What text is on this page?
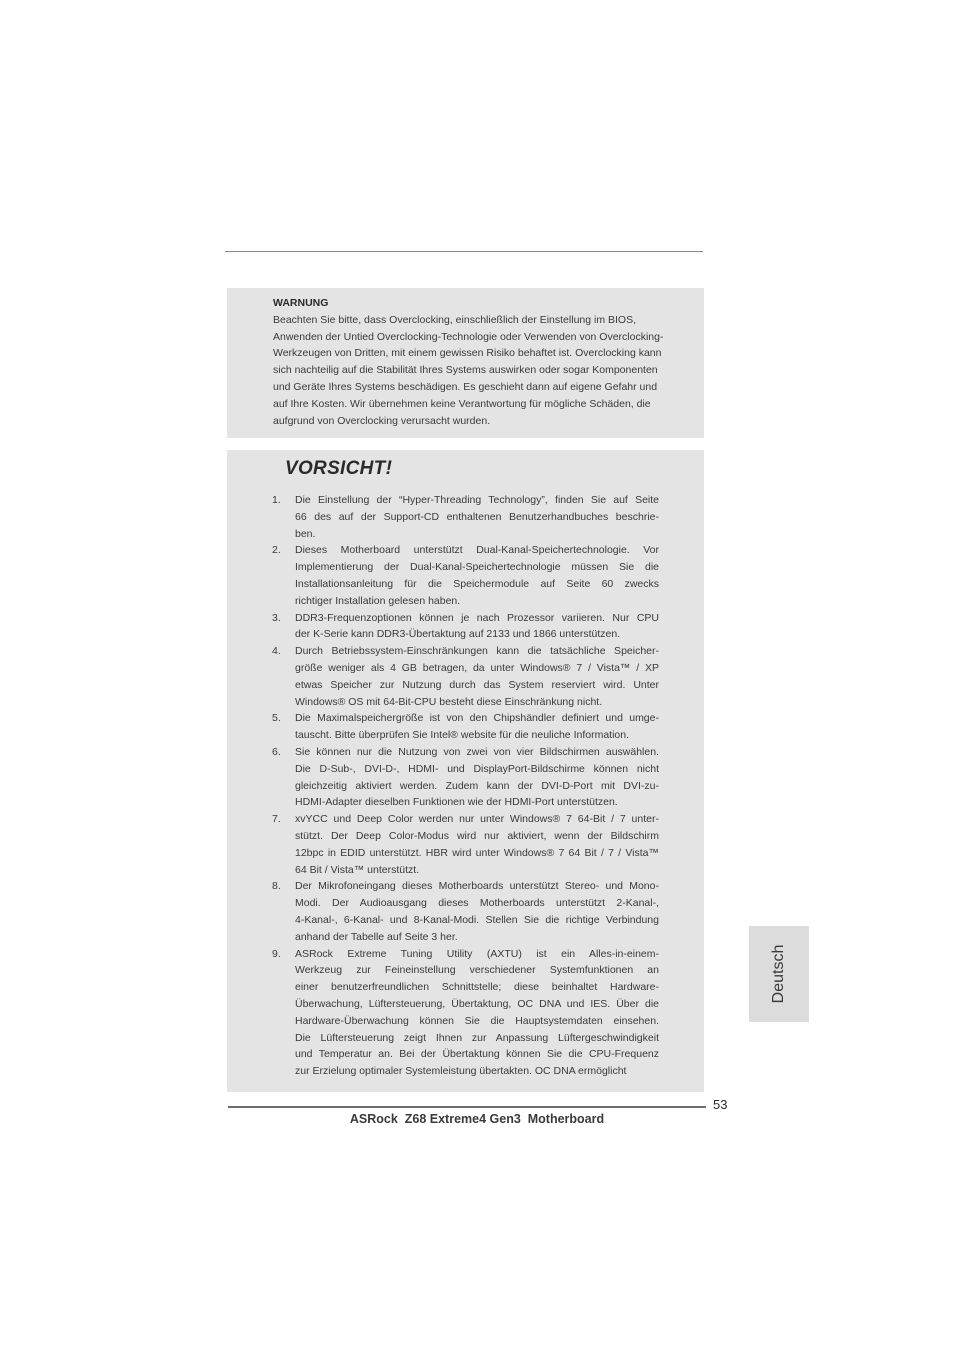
WARNUNG

Beachten Sie bitte, dass Overclocking, einschließlich der Einstellung im BIOS,

Anwenden der Untied Overclocking-Technologie oder Verwenden von Overclocking-

Werkzeugen von Dritten, mit einem gewissen Risiko behaftet ist. Overclocking kann

sich nachteilig auf die Stabilität Ihres Systems auswirken oder sogar Komponenten

und Geräte Ihres Systems beschädigen. Es geschieht dann auf eigene Gefahr und

auf Ihre Kosten. Wir übernehmen keine Verantwortung für mögliche Schäden, die

aufgrund von Overclocking verursacht wurden.

VORSICHT!

1. Die Einstellung der “Hyper-Threading Technology”, finden Sie auf Seite

66 des auf der Support-CD enthaltenen Benutzerhandbuches beschrie-

ben.

2. Dieses Motherboard unterstützt Dual-Kanal-Speichertechnologie. Vor

Implementierung der Dual-Kanal-Speichertechnologie müssen Sie die

Installationsanleitung für die Speichermodule auf Seite 60 zwecks

richtiger Installation gelesen haben.

3. DDR3-Frequenzoptionen können je nach Prozessor variieren. Nur CPU

der K-Serie kann DDR3-Übertaktung auf 2133 und 1866 unterstützen.

4. Durch Betriebssystem-Einschränkungen kann die tatsächliche Speicher-

größe weniger als 4 GB betragen, da unter Windows® 7 / Vista™ / XP

etwas Speicher zur Nutzung durch das System reserviert wird. Unter

Windows® OS mit 64-Bit-CPU besteht diese Einschränkung nicht.

5. Die Maximalspeichergröße ist von den Chipshändler definiert und umge-

tauscht. Bitte überprüfen Sie Intel® website für die neuliche Information.

6. Sie können nur die Nutzung von zwei von vier Bildschirmen auswählen.

Die D-Sub-, DVI-D-, HDMI- und DisplayPort-Bildschirme können nicht

gleichzeitig aktiviert werden. Zudem kann der DVI-D-Port mit DVI-zu-

HDMI-Adapter dieselben Funktionen wie der HDMI-Port unterstützen.

7. xvYCC und Deep Color werden nur unter Windows® 7 64-Bit / 7 unter-

stützt. Der Deep Color-Modus wird nur aktiviert, wenn der Bildschirm

12bpc in EDID unterstützt. HBR wird unter Windows® 7 64 Bit / 7 / Vista™

64 Bit / Vista™ unterstützt.

8. Der Mikrofoneingang dieses Motherboards unterstützt Stereo- und Mono-

Modi. Der Audioausgang dieses Motherboards unterstützt 2-Kanal-,

4-Kanal-, 6-Kanal- und 8-Kanal-Modi. Stellen Sie die richtige Verbindung

anhand der Tabelle auf Seite 3 her.

9. ASRock Extreme Tuning Utility (AXTU) ist ein Alles-in-einem-

Werkzeug zur Feineinstellung verschiedener Systemfunktionen an

einer benutzerfreundlichen Schnittstelle; diese beinhaltet Hardware-

Überwachung, Lüftersteuerung, Übertaktung, OC DNA und IES. Über die

Hardware-Überwachung können Sie die Hauptsystemdaten einsehen.

Die Lüftersteuerung zeigt Ihnen zur Anpassung Lüftergeschwindigkeit

und Temperatur an. Bei der Übertaktung können Sie die CPU-Frequenz

zur Erzielung optimaler Systemleistung übertakten. OC DNA ermöglicht

Deutsch
53
ASRock  Z68 Extreme4 Gen3  Motherboard
